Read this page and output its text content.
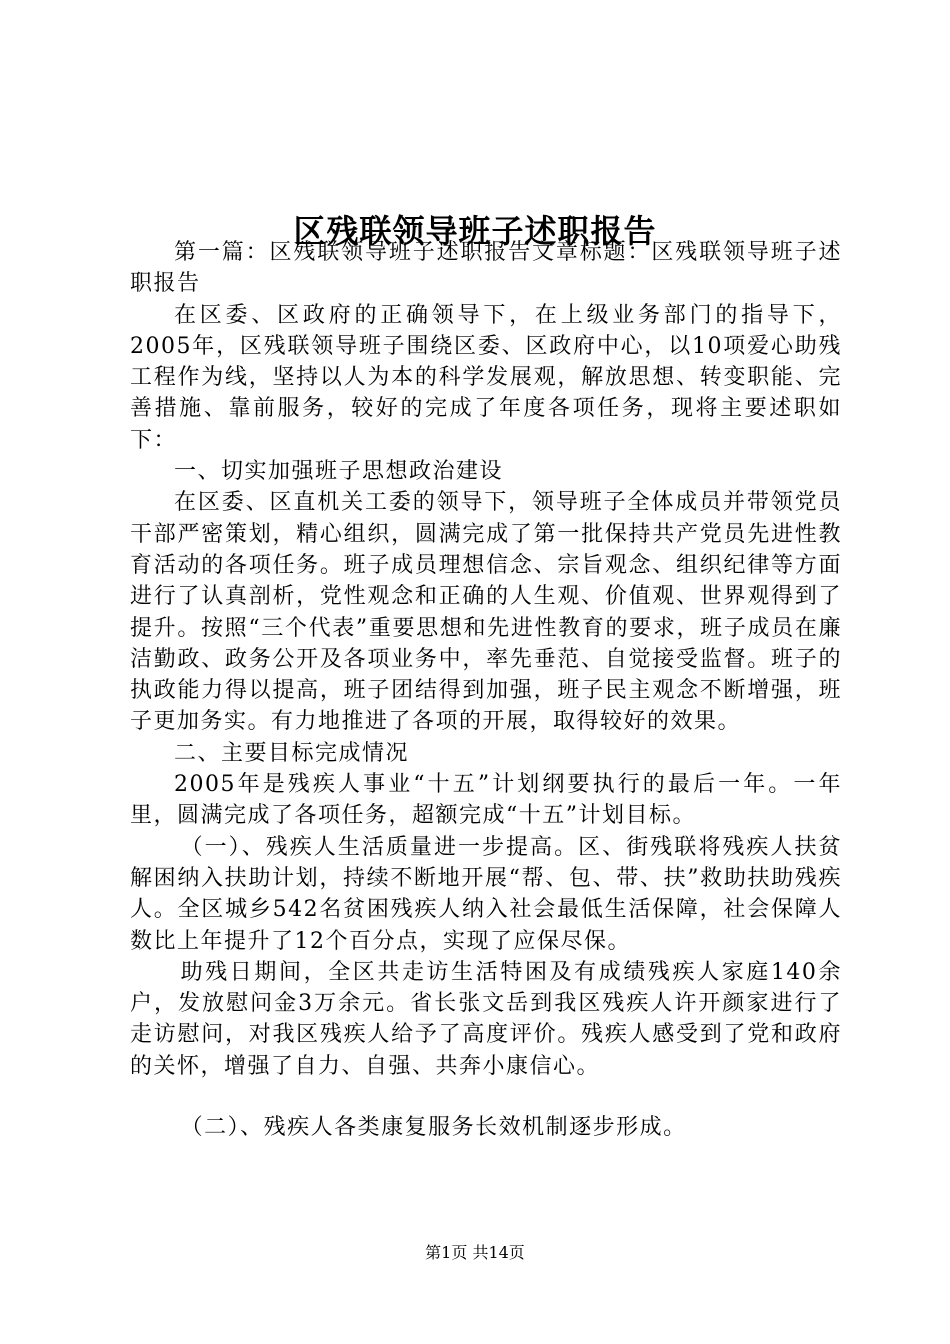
区残联领导班子述职报告

第一篇：区残联领导班子述职报告文章标题：区残联领导班子述职报告

在区委、区政府的正确领导下，在上级业务部门的指导下，2005年，区残联领导班子围绕区委、区政府中心，以10项爱心助残工程作为线，坚持以人为本的科学发展观，解放思想、转变职能、完善措施、靠前服务，较好的完成了年度各项任务，现将主要述职如下：

一、切实加强班子思想政治建设

在区委、区直机关工委的领导下，领导班子全体成员并带领党员干部严密策划，精心组织，圆满完成了第一批保持共产党员先进性教育活动的各项任务。班子成员理想信念、宗旨观念、组织纪律等方面进行了认真剖析，党性观念和正确的人生观、价值观、世界观得到了提升。按照“三个代表”重要思想和先进性教育的要求，班子成员在廉洁勤政、政务公开及各项业务中，率先垂范、自觉接受监督。班子的执政能力得以提高，班子团结得到加强，班子民主观念不断增强，班子更加务实。有力地推进了各项的开展，取得较好的效果。

二、主要目标完成情况

2005年是残疾人事业“十五”计划纲要执行的最后一年。一年里，圆满完成了各项任务，超额完成“十五”计划目标。

（一）、残疾人生活质量进一步提高。区、街残联将残疾人扶贫解困纳入扶助计划，持续不断地开展“帮、包、带、扶”救助扶助残疾人。全区城乡542名贫困残疾人纳入社会最低生活保障，社会保障人数比上年提升了12个百分点，实现了应保尽保。

助残日期间，全区共走访生活特困及有成绩残疾人家庭140余户，发放慰问金3万余元。省长张文岳到我区残疾人许开颜家进行了走访慰问，对我区残疾人给予了高度评价。残疾人感受到了党和政府的关怀，增强了自力、自强、共奔小康信心。

（二）、残疾人各类康复服务长效机制逐步形成。

第1页 共14页
